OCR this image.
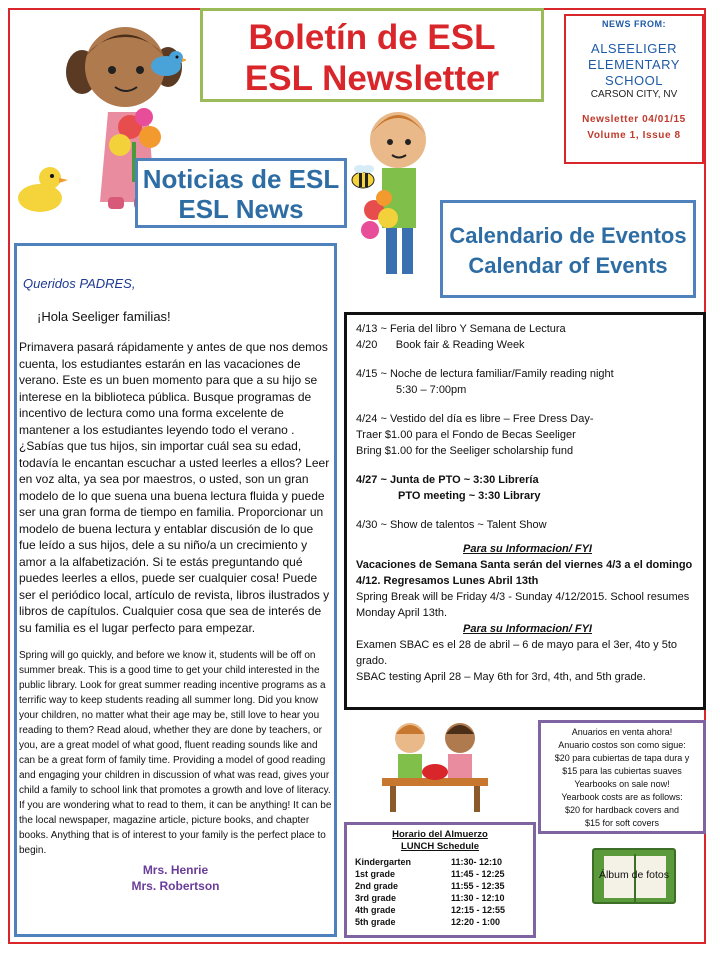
Boletín de ESL
ESL Newsletter
NEWS FROM:
ALSEELIGER
ELEMENTARY
SCHOOL
CARSON CITY, NV
Newsletter 04/01/15
Volume 1, Issue 8
Noticias de ESL
ESL News
Calendario de Eventos
Calendar of Events
Queridos PADRES,
¡Hola Seeliger familias!
Primavera pasará rápidamente y antes de que nos demos cuenta, los estudiantes estarán en las vacaciones de verano. Este es un buen momento para que a su hijo se interese en la biblioteca pública. Busque programas de incentivo de lectura como una forma excelente de mantener a los estudiantes leyendo todo el verano . ¿Sabías que tus hijos, sin importar cuál sea su edad, todavía le encantan escuchar a usted leerles a ellos? Leer en voz alta, ya sea por maestros, o usted, son un gran modelo de lo que suena una buena lectura fluida y puede ser una gran forma de tiempo en familia. Proporcionar un modelo de buena lectura y entablar discusión de lo que fue leído a sus hijos, dele a su niño/a un crecimiento y amor a la alfabetización. Si te estás preguntando qué puedes leerles a ellos, puede ser cualquier cosa! Puede ser el periódico local, artículo de revista, libros ilustrados y libros de capítulos. Cualquier cosa que sea de interés de su familia es el lugar perfecto para empezar.
Spring will go quickly, and before we know it, students will be off on summer break. This is a good time to get your child interested in the public library. Look for great summer reading incentive programs as a terrific way to keep students reading all summer long. Did you know your children, no matter what their age may be, still love to hear you reading to them? Read aloud, whether they are done by teachers, or you, are a great model of what good, fluent reading sounds like and can be a great form of family time. Providing a model of good reading and engaging your children in discussion of what was read, gives your child a family to school link that promotes a growth and love of literacy. If you are wondering what to read to them, it can be anything! It can be the local newspaper, magazine article, picture books, and chapter books. Anything that is of interest to your family is the perfect place to begin.
Mrs. Henrie
Mrs. Robertson

4/13 ~ Feria del libro Y Semana de Lectura

4/20      Book fair & Reading Week

4/15 ~ Noche de lectura familiar/Family reading night

5:30 – 7:00pm

4/24 ~ Vestido del día es libre – Free Dress Day-

Traer $1.00 para el Fondo de Becas Seeliger

Bring $1.00 for the Seeliger scholarship fund

4/27 ~ Junta de PTO ~ 3:30 Librería

PTO meeting ~ 3:30 Library

4/30 ~ Show de talentos ~ Talent Show

Para su Informacion/ FYI

Vacaciones de Semana Santa serán del viernes 4/3 a el domingo 4/12. Regresamos Lunes Abril 13th

Spring Break will be Friday 4/3 - Sunday 4/12/2015. School resumes Monday April 13th.

Para su Informacion/ FYI

Examen SBAC es el 28 de abril – 6 de mayo para el 3er, 4to y 5to grado.

SBAC testing April 28 – May 6th for 3rd, 4th, and 5th grade.

Horario del Almuerzo
LUNCH Schedule
Kindergarten	11:30- 12:10
1st grade	11:45 - 12:25
2nd grade	11:55 - 12:35
3rd grade	11:30 - 12:10
4th grade	12:15 - 12:55
5th grade	12:20 - 1:00
Anuarios en venta ahora!
Anuario costos son como sigue:
$20 para cubiertas de tapa dura y
$15 para las cubiertas suaves
Yearbooks on sale now!
Yearbook costs are as follows:
$20 for hardback covers and
$15 for soft covers
Álbum de fotos
